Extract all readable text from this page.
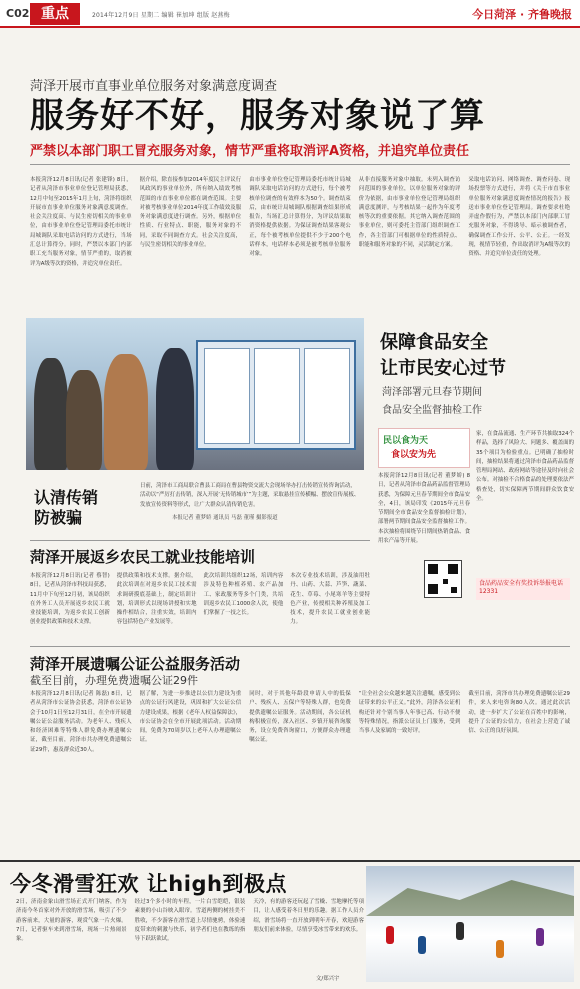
C02 重点	2014年12月9日 星期二 编辑 崔加坤 组版 赵燕梅	今日菏泽 · 齐鲁晚报
菏泽开展市直事业单位服务对象满意度调查
服务好不好，服务对象说了算
严禁以本部门职工冒充服务对象，情节严重将取消评A资格，并追究单位责任

本报菏泽12月8日讯(记者 张建锋) 8日，记者从菏泽市事业单位登记管理局获悉，12月中旬至2015年1月上旬，菏泽将组织开展市直事业单位服务对象满意度调查。社会关注度高、与民生密切相关的事业单位，由市事业单位登记管理局委托市统计局城调队采取电话访问的方式进行，当场汇总计算得分。同时，严禁以本部门内部职工充当服务对象，情节严重的，取消被评为A级等次的资格，并追究单位责任。

据介绍，除直接参加2014年度民主评议行风政风的事业单位外，所有纳入绩效考核范围的市直事业单位都在调查范围。主要对被考核事业单位2014年度工作绩效及服务对象满意度进行调查。另外，根据单位性质、行业特点、职能，服务对象的不同，采取不同调查方式。社会关注度高，与民生密切相关的事业单位。

由市事业单位登记管理局委托市统计局城调队采取电话访问的方式进行，每个被考核单位调查的有效样本为50个。调查结束后，由市统计局城调队根据调查结果形成报告，当场汇总计算得分，为评议结果取消资格提供依据。为保证调查结果客观公正，每个被考核单位提供不少于200个电话样本，电话样本必须是被考核单位服务对象。

从非直接服务对象中抽取。未列入调查访问范围的事业单位，以单位服务对象的评价为依据，由市事业单位登记管理局组织满意度测评，与考核结果一起作为年度考核等次的重要依据。其它纳入调查范围的事业单位，则可委托主管部门组织调查工作，各主管部门可根据单位的性质特点、职能和服务对象的不同，灵活制定方案。

采取电话访问、网络调查、调查问卷、现场投票等方式进行，并将《关于市直事业单位服务对象满意度调查情况的报告》报送市事业单位登记管理局。调查要求杜绝弄虚作假行为，严禁以本部门内部职工冒充服务对象，不得诱导、暗示被调查者，确保调查工作公开、公平、公正。一经发现，视情节轻重，作出取消评为A级等次的资格、并追究单位责任的处理。

认清传销
防被骗
日前，菏泽市工商局联合曹县工商局在曹县物资交流大会现场举办打击传销宣传咨询活动，活动以“严厉打击传销，深入开展‘无传销城市’”为主题，采取悬挂宣传横幅、摆放宣传展板、发放宣传资料等形式，让广大群众认清传销危害。
本报记者 董梦娇 通讯员 马磊 董瑾 摄影报道
保障食品安全
让市民安心过节
菏泽部署元旦春节期间
食品安全监督抽检工作
民以食为天
食以安为先

本报菏泽12月8日讯(记者 董梦娇) 8日，记者从菏泽市食品药品监督管理局获悉，为保障元旦春节期间全市食品安全，4日，该局印发《2015年元旦春节期间全市食品安全监督抽检计划》，部署两节期间食品安全监督抽检工作。本次抽检将围绕节日期间热销食品、食用农产品等开展。

家，在食品流通、生产环节共抽取324个样品，选择了风险大、问题多、覆盖面的35个项目为检验重点。已明确了抽检时间，抽检结果将通过菏泽市食品药品监督管理局网站、政府网站等途径及时向社会公布。对抽检不合格食品的处理要依法严格查处，切实保障两节期间群众饮食安全。

食品药品安全有奖投诉举报电话 12331
菏泽开展返乡农民工就业技能培训

本报菏泽12月8日讯(记者 蔡智) 8日，记者从菏泽市科技局获悉，11月中下旬至12月初，该局组织在外务工人员开展返乡农民工就业技能培训，为返乡农民工创新创业提供政策和技术支撑。

提供政策和技术支撑。据介绍，此次培训在对返乡农民工技术需求调研摸底基础上，制定培训计划，培训形式以现场讲授和实地操作相结合，注重实效，培训内容包括特色产业发展等。

此次培训共组织12场，培训内容涉及特色种植养殖、农产品加工、家政服务等多个门类，共培训返乡农民工1000余人次，使他们掌握了一技之长。

本次专业技术培训，涉及油用牡丹、山药、大蒜、芦笋、蔬菜、花生、草莓、小尾寒羊等主要特色产业，传授相关种养殖及加工技术，提升农民工就业创业能力。

菏泽开展遗嘱公证公益服务活动
截至目前，办理免费遗嘱公证29件

本报菏泽12月8日讯(记者 陈磊) 8日，记者从菏泽市公证协会获悉，菏泽市公证协会于10月1日至12月31日，在全市开展遗嘱公证公益服务活动。为老年人、残疾人和经济困难等特殊人群免费办理遗嘱公证，截至目前，菏泽市共办理免费遗嘱公证29件，惠及群众近30人。

据了解，为进一步推进以公信力建设为重点的公证行风建设，巩固和扩大公证公信力建设成果，根据《老年人权益保障法》，市公证协会在全市开展此项活动。活动期间，免费为70周岁以上老年人办理遗嘱公证。

同时，对于其他年龄段申请人中的低保户、残疾人、五保户等特殊人群，也免费提供遗嘱公证服务。活动期间，各公证机构积极宣传，深入社区、乡镇开展咨询服务，设立免费咨询窗口，方便群众办理遗嘱公证。

“让全社会公众越来越关注遗嘱，感受到公证带来的公平正义。”此外，菏泽各公证机构还针对个别当事人年事已高、行动不便等特殊情况，指派公证员上门服务，受到当事人及家属的一致好评。

截至目前，菏泽市共办理免费遗嘱公证29件，来人来电咨询80人次。通过此次活动，进一步扩大了公证在百姓中的影响，提升了公证的公信力，在社会上营造了诚信、公正的良好氛围。

今冬滑雪狂欢 让high到极点

2日，济南金象山滑雪场正式开门纳客，作为济南今冬首家对外开放的滑雪场，吸引了不少游客前来，大量的游客，观赏气象一片火爆。7日，记者驱车来到滑雪场，现场一片热闹景象。

经过3个多小时的车程，一片白雪皑皑，银装素裹的小山谷映入眼帘。雪道两侧的树挂美不胜收，不少游客在滑雪道上尽情驰骋，体验速度带来的刺激与快乐，初学者们也在教练的指导下跃跃欲试。

天冷，有的游客还玩起了雪橇、雪地摩托等项目，让人感受着冬日里的乐趣。据工作人员介绍，滑雪场将一直开放到明年开春，欢迎游客朋友们前来体验，尽情享受冰雪带来的欢乐。

文/郑兴宇
